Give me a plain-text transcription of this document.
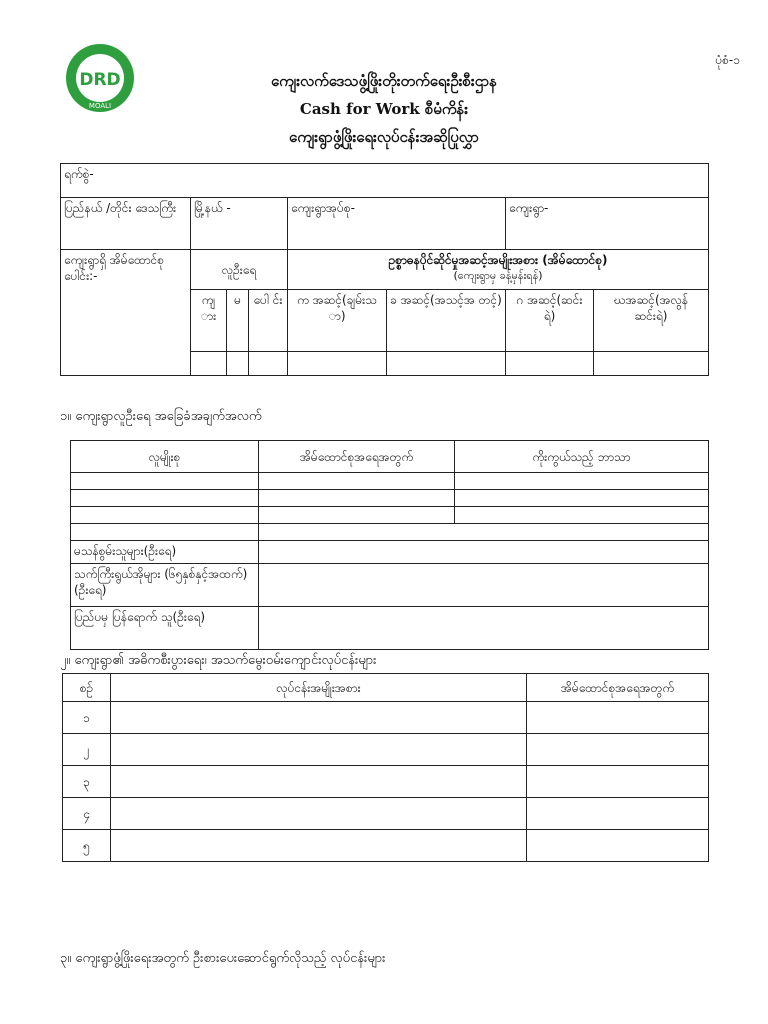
ပုံစံ-၁
DRD
MOALI
ကျေးလက်ဒေသဖွံ့ဖြိုးတိုးတက်ရေးဦးစီးဌာန
Cash for Work စီမံကိန်း
ကျေးရွာဖွံ့ဖြိုးရေးလုပ်ငန်းအဆိုပြုလွှာ
ရက်စွဲ-							
ပြည်နယ် /တိုင်း ဒေသကြီး	မြို့နယ် -			ကျေးရွာအုပ်စု-		ကျေးရွာ-	
ကျေးရွာရှိ အိမ်ထောင်စု ပေါင်း:-	လူဦးရေ			ဥစ္စာဓနပိုင်ဆိုင်မှုအဆင့်အမျိုးအစား (အိမ်ထောင်စု)
(ကျေးရွာမှ ခန့်မှန်းရန်)			

	ကျ ား	မ	ပေါ င်း	က အဆင့်(ချမ်းသ ာ)	ခ အဆင့်(အသင့်အ တင့်)	ဂ အဆင့်(ဆင်း ရဲ)	ဃအဆင့်(အလွန် ဆင်းရဲ)

၁။ ကျေးရွာလူဦးရေ အခြေခံအချက်အလက်
လူမျိုးစု	အိမ်ထောင်စုအရေအတွက်	ကိုးကွယ်သည့် ဘာသာ

မသန်စွမ်းသူများ(ဦးရေ)		
သက်ကြီးရွယ်အိုများ (၆၅နှစ်နှင့်အထက်)(ဦးရေ)		
ပြည်ပမှ ပြန်ရောက် သူ(ဦးရေ)		
၂။ ကျေးရွာ၏ အဓိကစီးပွားရေး၊ အသက်မွေးဝမ်းကျောင်းလုပ်ငန်းများ
စဉ်	လုပ်ငန်းအမျိုးအစား	အိမ်ထောင်စုအရေအတွက်
၁		
၂		
၃		
၄		
၅		
၃။ ကျေးရွာဖွံ့ဖြိုးရေးအတွက် ဦးစားပေးဆောင်ရွက်လိုသည့် လုပ်ငန်းများ
